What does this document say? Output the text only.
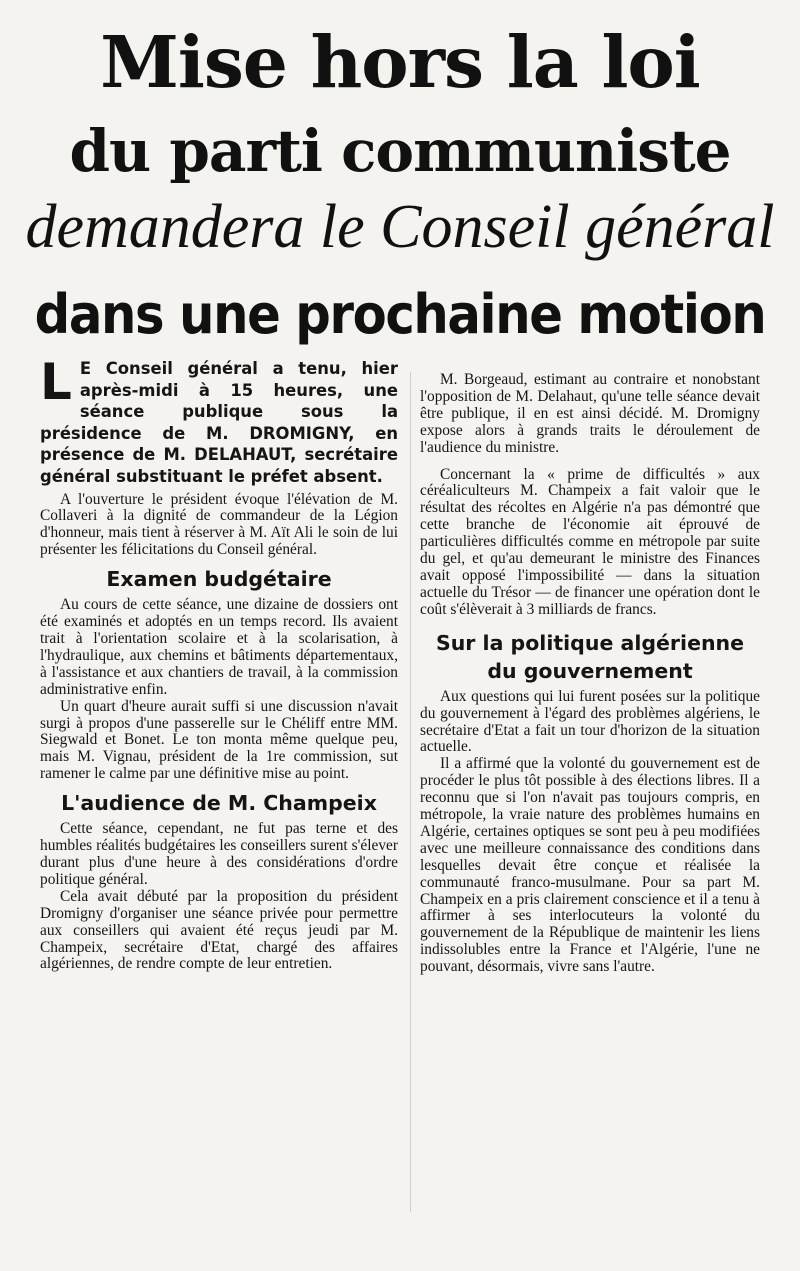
Mise hors la loi
du parti communiste
demandera le Conseil général
dans une prochaine motion

L E Conseil général a tenu, hier après-midi à 15 heures, une séance publique sous la présidence de M. DROMIGNY, en présence de M. DELAHAUT, secrétaire général substituant le préfet absent.

A l'ouverture le président évoque l'élévation de M. Collaveri à la dignité de commandeur de la Légion d'honneur, mais tient à réserver à M. Aït Ali le soin de lui présenter les félicitations du Conseil général.

Examen budgétaire

Au cours de cette séance, une dizaine de dossiers ont été examinés et adoptés en un temps record. Ils avaient trait à l'orientation scolaire et à la scolarisation, à l'hydraulique, aux chemins et bâtiments départementaux, à l'assistance et aux chantiers de travail, à la commission administrative enfin.

Un quart d'heure aurait suffi si une discussion n'avait surgi à propos d'une passerelle sur le Chéliff entre MM. Siegwald et Bonet. Le ton monta même quelque peu, mais M. Vignau, président de la 1re commission, sut ramener le calme par une définitive mise au point.

L'audience de M. Champeix

Cette séance, cependant, ne fut pas terne et des humbles réalités budgétaires les conseillers surent s'élever durant plus d'une heure à des considérations d'ordre politique général.

Cela avait débuté par la proposition du président Dromigny d'organiser une séance privée pour permettre aux conseillers qui avaient été reçus jeudi par M. Champeix, secrétaire d'Etat, chargé des affaires algériennes, de rendre compte de leur entretien.

M. Borgeaud, estimant au contraire et nonobstant l'opposition de M. Delahaut, qu'une telle séance devait être publique, il en est ainsi décidé. M. Dromigny expose alors à grands traits le déroulement de l'audience du ministre.

Concernant la « prime de difficultés » aux céréaliculteurs M. Champeix a fait valoir que le résultat des récoltes en Algérie n'a pas démontré que cette branche de l'économie ait éprouvé de particulières difficultés comme en métropole par suite du gel, et qu'au demeurant le ministre des Finances avait opposé l'impossibilité — dans la situation actuelle du Trésor — de financer une opération dont le coût s'élèverait à 3 milliards de francs.

Sur la politique algérienne
du gouvernement

Aux questions qui lui furent posées sur la politique du gouvernement à l'égard des problèmes algériens, le secrétaire d'Etat a fait un tour d'horizon de la situation actuelle.

Il a affirmé que la volonté du gouvernement est de procéder le plus tôt possible à des élections libres. Il a reconnu que si l'on n'avait pas toujours compris, en métropole, la vraie nature des problèmes humains en Algérie, certaines optiques se sont peu à peu modifiées avec une meilleure connaissance des conditions dans lesquelles devait être conçue et réalisée la communauté franco-musulmane. Pour sa part M. Champeix en a pris clairement conscience et il a tenu à affirmer à ses interlocuteurs la volonté du gouvernement de la République de maintenir les liens indissolubles entre la France et l'Algérie, l'une ne pouvant, désormais, vivre sans l'autre.
